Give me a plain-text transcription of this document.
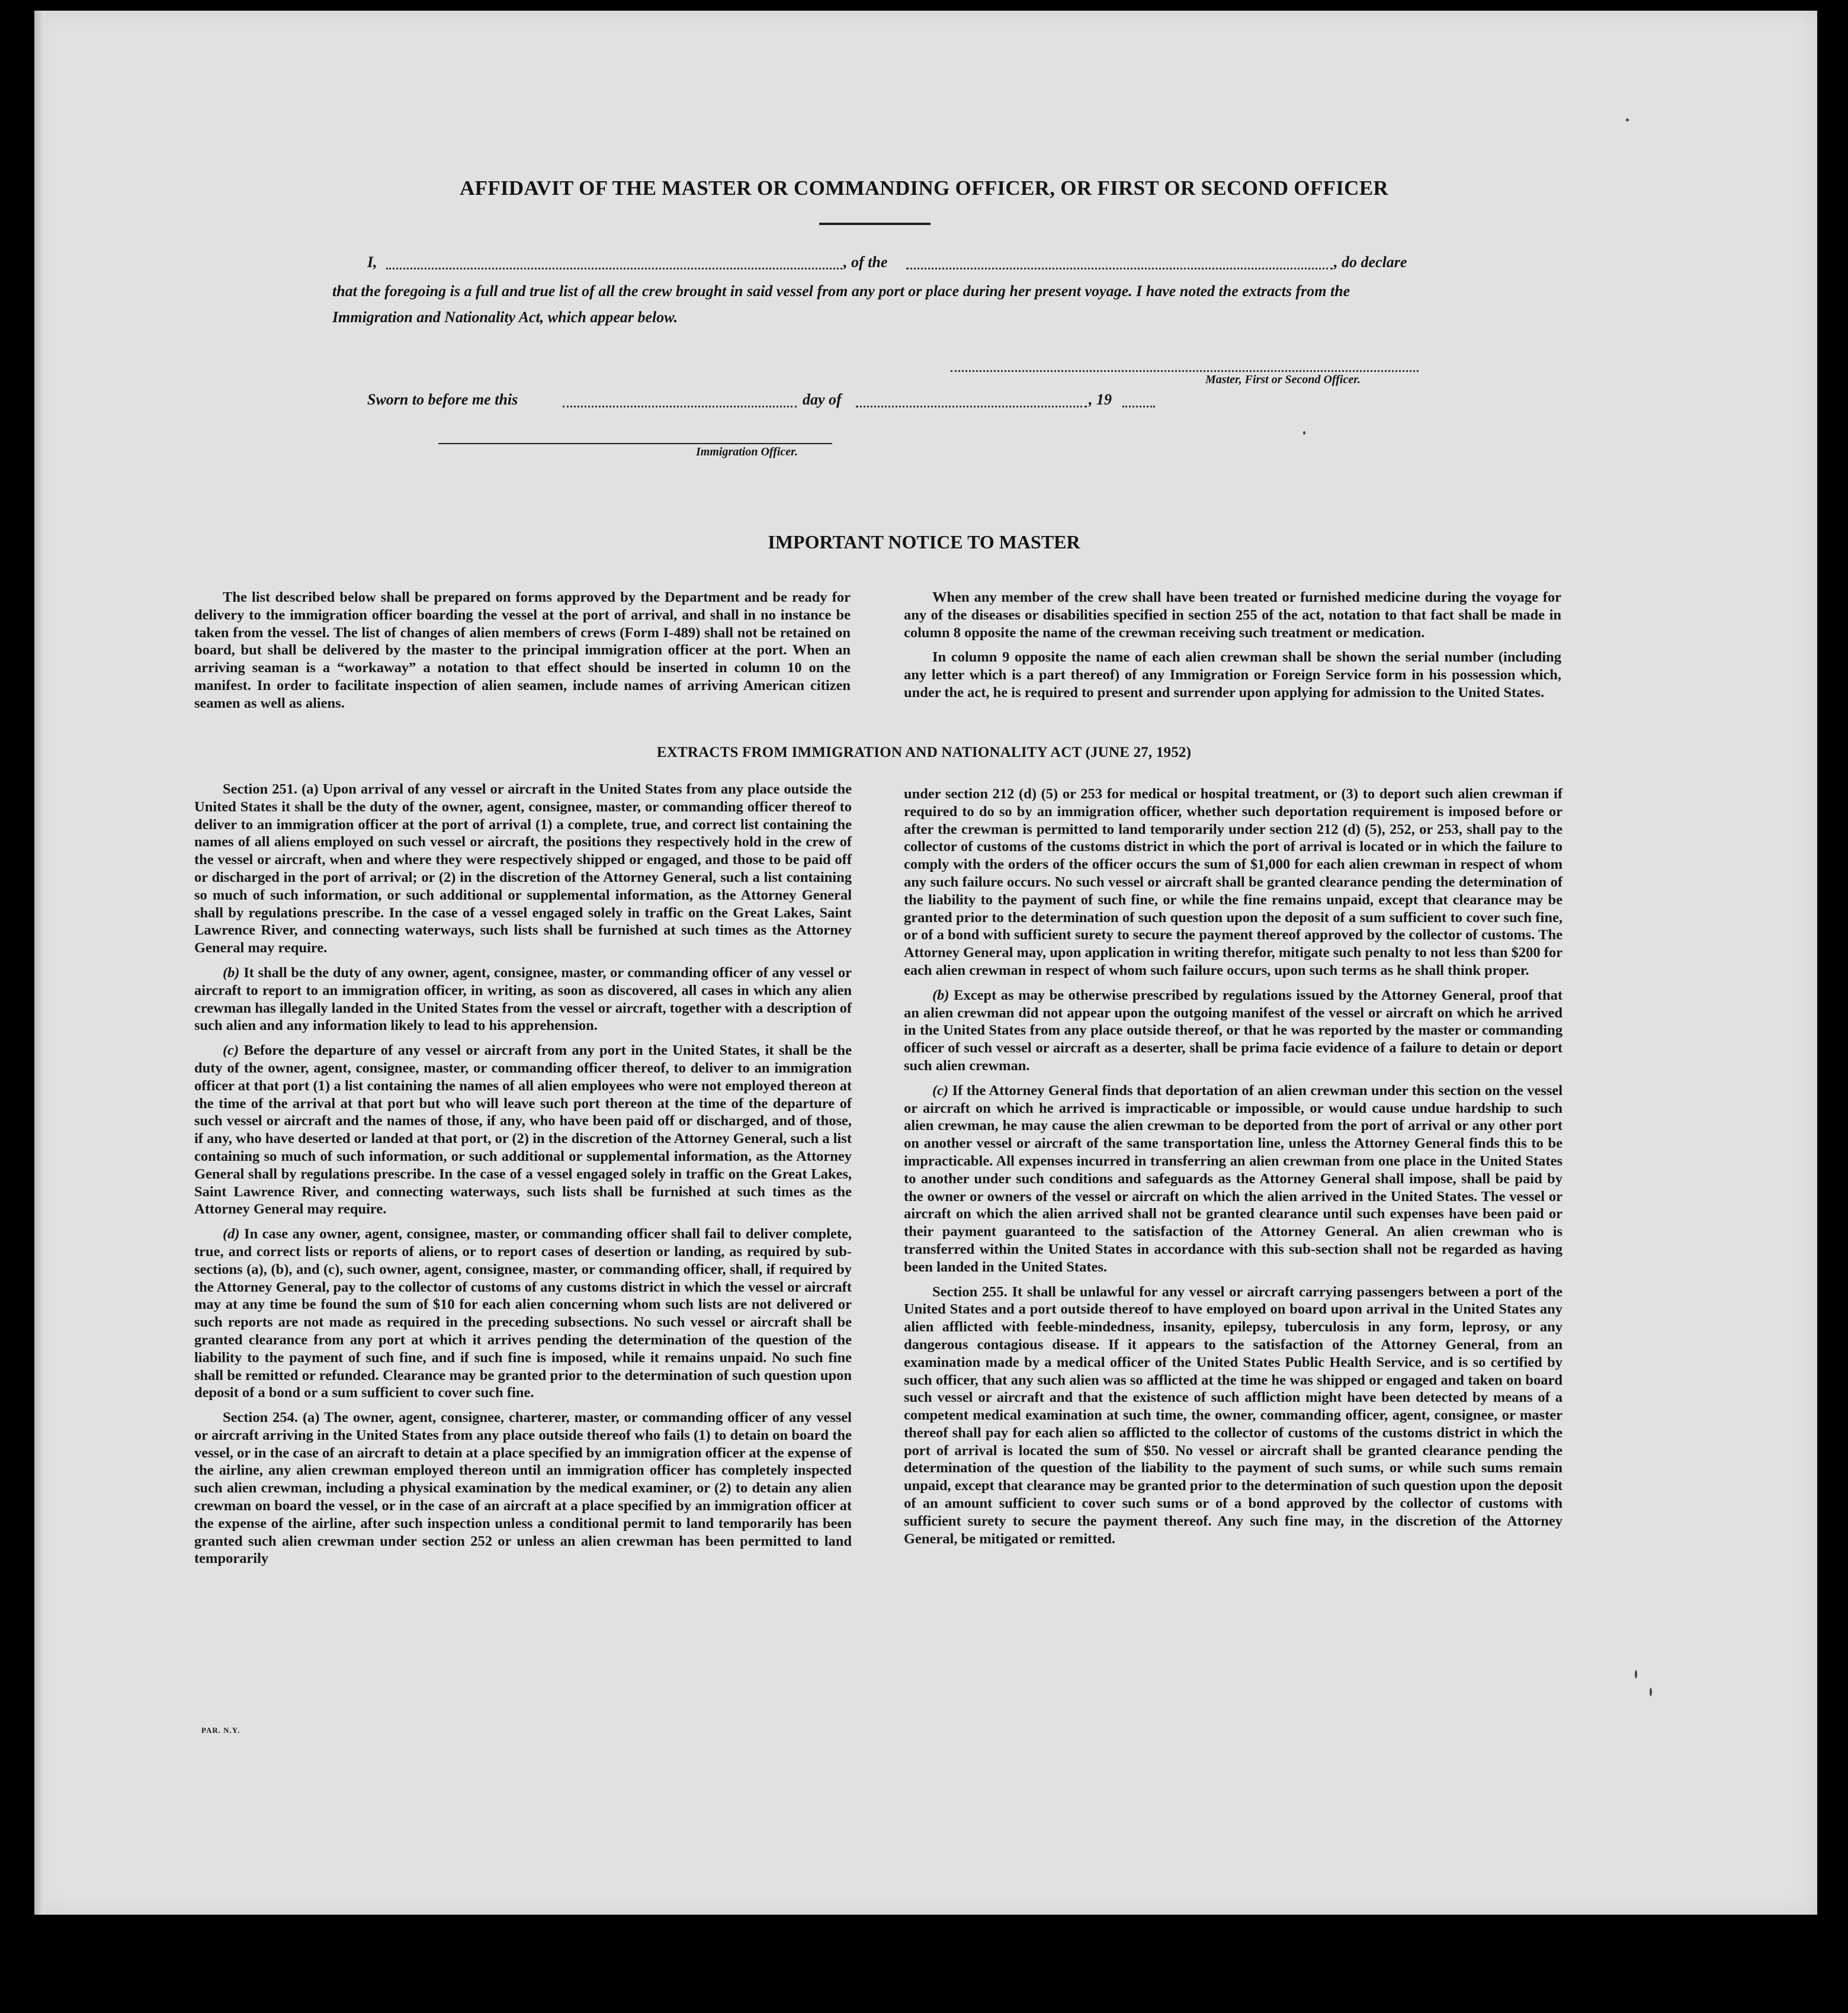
AFFIDAVIT OF THE MASTER OR COMMANDING OFFICER, OR FIRST OR SECOND OFFICER
I,	, of the	, do declare
that the foregoing is a full and true list of all the crew brought in said vessel from any port or place during her present voyage. I have noted the extracts from the Immigration and Nationality Act, which appear below.
Master, First or Second Officer.
Sworn to before me this	day of	, 19
Immigration Officer.
IMPORTANT NOTICE TO MASTER

The list described below shall be prepared on forms approved by the Department and be ready for delivery to the immigration officer boarding the vessel at the port of arrival, and shall in no instance be taken from the vessel. The list of changes of alien members of crews (Form I-489) shall not be retained on board, but shall be delivered by the master to the principal immigration officer at the port. When an arriving seaman is a “workaway” a notation to that effect should be inserted in column 10 on the manifest. In order to facilitate inspection of alien seamen, include names of arriving American citizen seamen as well as aliens.

When any member of the crew shall have been treated or furnished medicine during the voyage for any of the diseases or disabilities specified in section 255 of the act, notation to that fact shall be made in column 8 opposite the name of the crewman receiving such treatment or medication.

In column 9 opposite the name of each alien crewman shall be shown the serial number (including any letter which is a part thereof) of any Immigration or Foreign Service form in his possession which, under the act, he is required to present and surrender upon applying for admission to the United States.

EXTRACTS FROM IMMIGRATION AND NATIONALITY ACT (JUNE 27, 1952)

Section 251. (a) Upon arrival of any vessel or aircraft in the United States from any place outside the United States it shall be the duty of the owner, agent, consignee, master, or commanding officer thereof to deliver to an immigration officer at the port of arrival (1) a complete, true, and correct list containing the names of all aliens employed on such vessel or aircraft, the positions they respectively hold in the crew of the vessel or aircraft, when and where they were respectively shipped or engaged, and those to be paid off or discharged in the port of arrival; or (2) in the discretion of the Attorney General, such a list containing so much of such information, or such additional or supplemental information, as the Attorney General shall by regulations prescribe. In the case of a vessel engaged solely in traffic on the Great Lakes, Saint Lawrence River, and connecting waterways, such lists shall be furnished at such times as the Attorney General may require.

(b) It shall be the duty of any owner, agent, consignee, master, or commanding officer of any vessel or aircraft to report to an immigration officer, in writing, as soon as discovered, all cases in which any alien crewman has illegally landed in the United States from the vessel or aircraft, together with a description of such alien and any information likely to lead to his apprehension.

(c) Before the departure of any vessel or aircraft from any port in the United States, it shall be the duty of the owner, agent, consignee, master, or commanding officer thereof, to deliver to an immigration officer at that port (1) a list containing the names of all alien employees who were not employed thereon at the time of the arrival at that port but who will leave such port thereon at the time of the departure of such vessel or aircraft and the names of those, if any, who have been paid off or discharged, and of those, if any, who have deserted or landed at that port, or (2) in the discretion of the Attorney General, such a list containing so much of such information, or such additional or supplemental information, as the Attorney General shall by regulations prescribe. In the case of a vessel engaged solely in traffic on the Great Lakes, Saint Lawrence River, and connecting waterways, such lists shall be furnished at such times as the Attorney General may require.

(d) In case any owner, agent, consignee, master, or commanding officer shall fail to deliver complete, true, and correct lists or reports of aliens, or to report cases of desertion or landing, as required by sub-sections (a), (b), and (c), such owner, agent, consignee, master, or commanding officer, shall, if required by the Attorney General, pay to the collector of customs of any customs district in which the vessel or aircraft may at any time be found the sum of $10 for each alien concerning whom such lists are not delivered or such reports are not made as required in the preceding subsections. No such vessel or aircraft shall be granted clearance from any port at which it arrives pending the determination of the question of the liability to the payment of such fine, and if such fine is imposed, while it remains unpaid. No such fine shall be remitted or refunded. Clearance may be granted prior to the determination of such question upon deposit of a bond or a sum sufficient to cover such fine.

Section 254. (a) The owner, agent, consignee, charterer, master, or commanding officer of any vessel or aircraft arriving in the United States from any place outside thereof who fails (1) to detain on board the vessel, or in the case of an aircraft to detain at a place specified by an immigration officer at the expense of the airline, any alien crewman employed thereon until an immigration officer has completely inspected such alien crewman, including a physical examination by the medical examiner, or (2) to detain any alien crewman on board the vessel, or in the case of an aircraft at a place specified by an immigration officer at the expense of the airline, after such inspection unless a conditional permit to land temporarily has been granted such alien crewman under section 252 or unless an alien crewman has been permitted to land temporarily

under section 212 (d) (5) or 253 for medical or hospital treatment, or (3) to deport such alien crewman if required to do so by an immigration officer, whether such deportation requirement is imposed before or after the crewman is permitted to land temporarily under section 212 (d) (5), 252, or 253, shall pay to the collector of customs of the customs district in which the port of arrival is located or in which the failure to comply with the orders of the officer occurs the sum of $1,000 for each alien crewman in respect of whom any such failure occurs. No such vessel or aircraft shall be granted clearance pending the determination of the liability to the payment of such fine, or while the fine remains unpaid, except that clearance may be granted prior to the determination of such question upon the deposit of a sum sufficient to cover such fine, or of a bond with sufficient surety to secure the payment thereof approved by the collector of customs. The Attorney General may, upon application in writing therefor, mitigate such penalty to not less than $200 for each alien crewman in respect of whom such failure occurs, upon such terms as he shall think proper.

(b) Except as may be otherwise prescribed by regulations issued by the Attorney General, proof that an alien crewman did not appear upon the outgoing manifest of the vessel or aircraft on which he arrived in the United States from any place outside thereof, or that he was reported by the master or commanding officer of such vessel or aircraft as a deserter, shall be prima facie evidence of a failure to detain or deport such alien crewman.

(c) If the Attorney General finds that deportation of an alien crewman under this section on the vessel or aircraft on which he arrived is impracticable or impossible, or would cause undue hardship to such alien crewman, he may cause the alien crewman to be deported from the port of arrival or any other port on another vessel or aircraft of the same transportation line, unless the Attorney General finds this to be impracticable. All expenses incurred in transferring an alien crewman from one place in the United States to another under such conditions and safeguards as the Attorney General shall impose, shall be paid by the owner or owners of the vessel or aircraft on which the alien arrived in the United States. The vessel or aircraft on which the alien arrived shall not be granted clearance until such expenses have been paid or their payment guaranteed to the satisfaction of the Attorney General. An alien crewman who is transferred within the United States in accordance with this sub-section shall not be regarded as having been landed in the United States.

Section 255. It shall be unlawful for any vessel or aircraft carrying passengers between a port of the United States and a port outside thereof to have employed on board upon arrival in the United States any alien afflicted with feeble-mindedness, insanity, epilepsy, tuberculosis in any form, leprosy, or any dangerous contagious disease. If it appears to the satisfaction of the Attorney General, from an examination made by a medical officer of the United States Public Health Service, and is so certified by such officer, that any such alien was so afflicted at the time he was shipped or engaged and taken on board such vessel or aircraft and that the existence of such affliction might have been detected by means of a competent medical examination at such time, the owner, commanding officer, agent, consignee, or master thereof shall pay for each alien so afflicted to the collector of customs of the customs district in which the port of arrival is located the sum of $50. No vessel or aircraft shall be granted clearance pending the determination of the question of the liability to the payment of such sums, or while such sums remain unpaid, except that clearance may be granted prior to the determination of such question upon the deposit of an amount sufficient to cover such sums or of a bond approved by the collector of customs with sufficient surety to secure the payment thereof. Any such fine may, in the discretion of the Attorney General, be mitigated or remitted.

PAR. N.Y.
